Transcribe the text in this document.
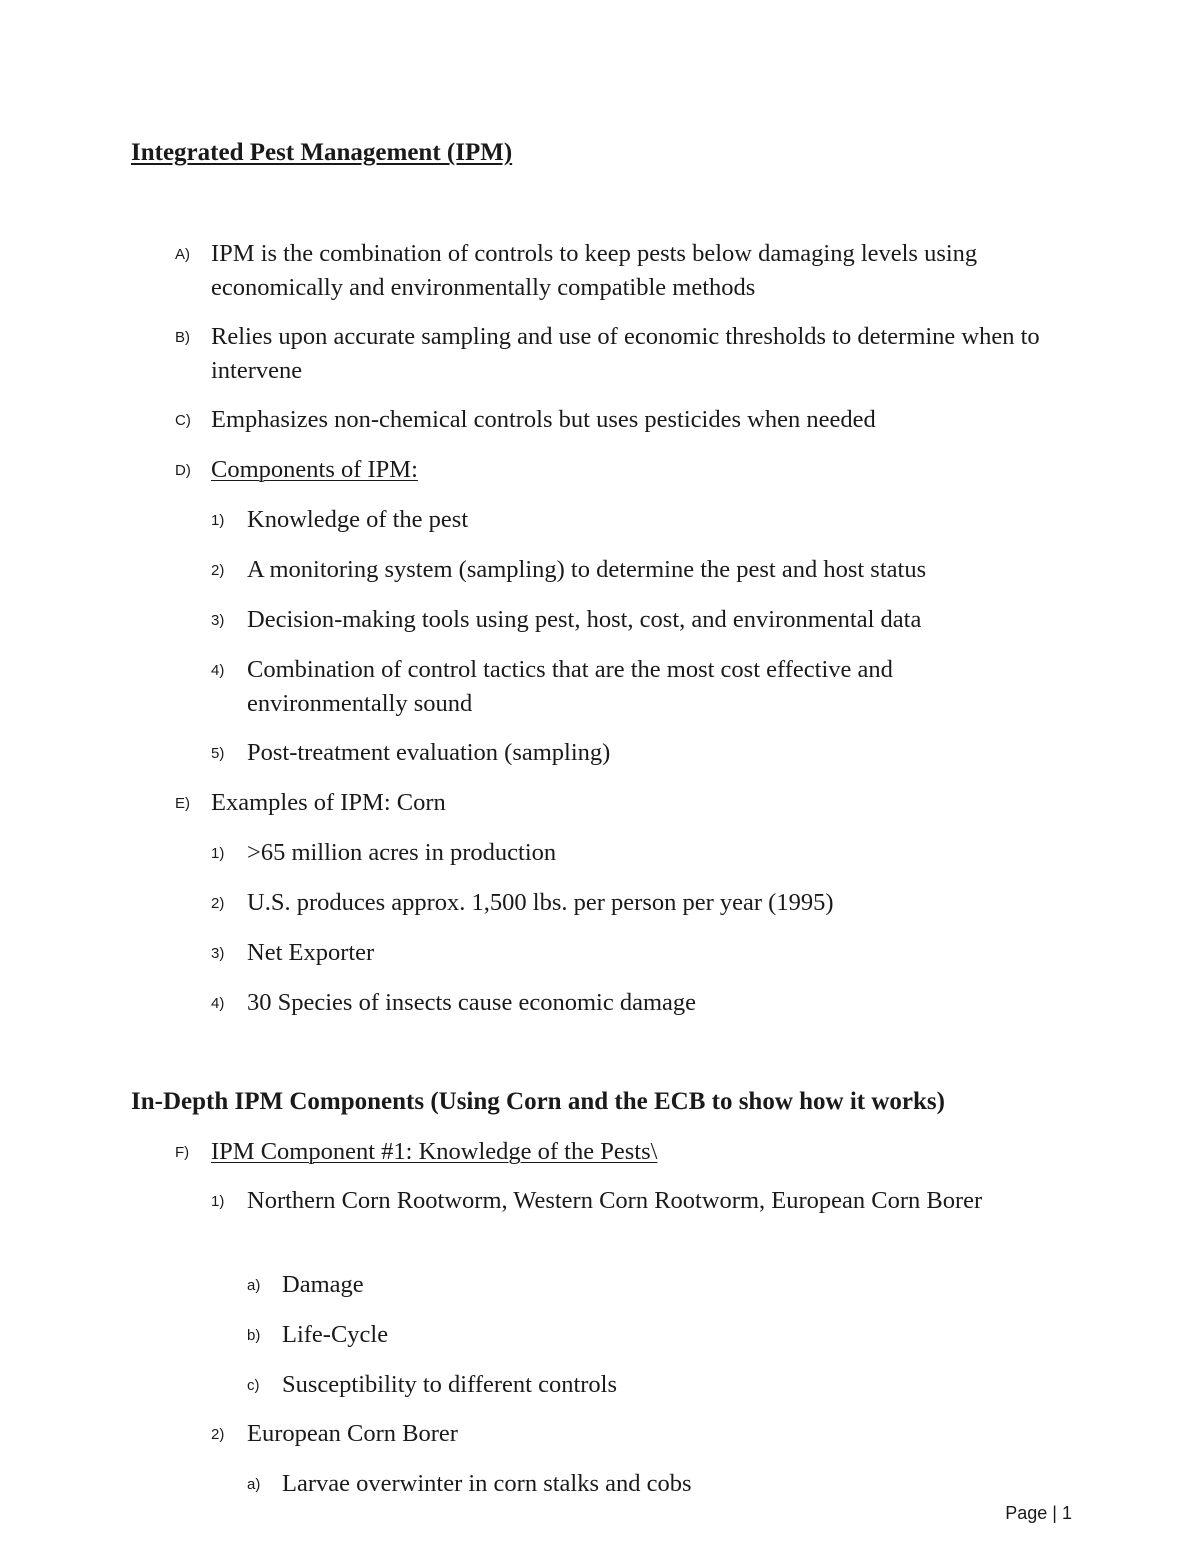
Integrated Pest Management (IPM)
A) IPM is the combination of controls to keep pests below damaging levels using economically and environmentally compatible methods
B) Relies upon accurate sampling and use of economic thresholds to determine when to intervene
C) Emphasizes non-chemical controls but uses pesticides when needed
D) Components of IPM:
1) Knowledge of the pest
2) A monitoring system (sampling) to determine the pest and host status
3) Decision-making tools using pest, host, cost, and environmental data
4) Combination of control tactics that are the most cost effective and environmentally sound
5) Post-treatment evaluation (sampling)
E) Examples of IPM: Corn
1) >65 million acres in production
2) U.S. produces approx. 1,500 lbs. per person per year (1995)
3) Net Exporter
4) 30 Species of insects cause economic damage
In-Depth IPM Components (Using Corn and the ECB to show how it works)
F) IPM Component #1: Knowledge of the Pests\
1) Northern Corn Rootworm, Western Corn Rootworm, European Corn Borer
a) Damage
b) Life-Cycle
c) Susceptibility to different controls
2) European Corn Borer
a) Larvae overwinter in corn stalks and cobs
Page | 1
